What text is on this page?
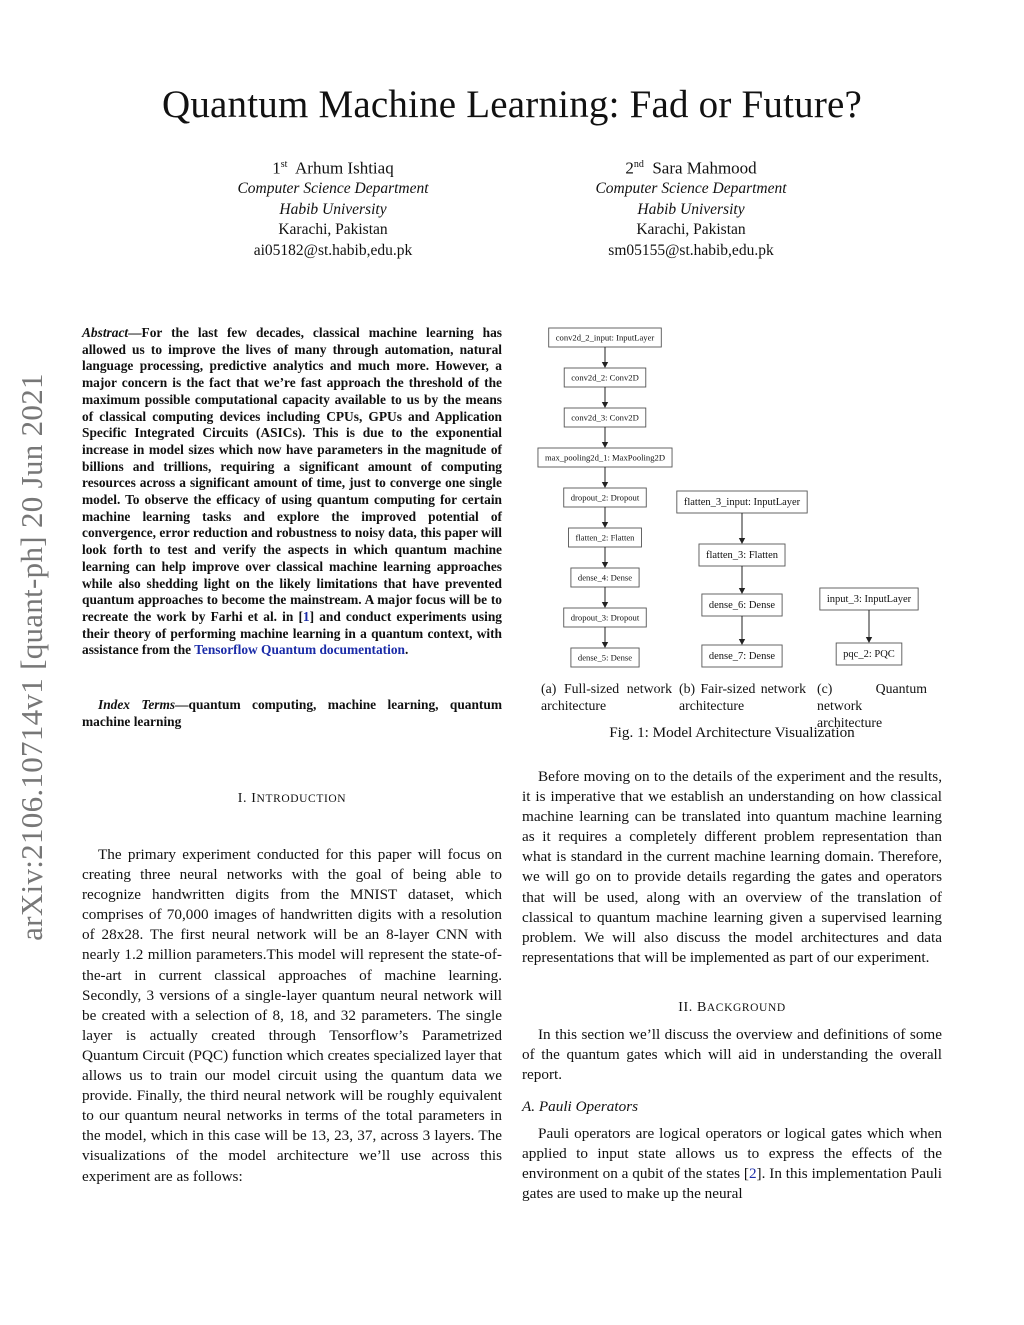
Quantum Machine Learning: Fad or Future?
1st Arhum Ishtiaq
Computer Science Department
Habib University
Karachi, Pakistan
ai05182@st.habib,edu.pk
2nd Sara Mahmood
Computer Science Department
Habib University
Karachi, Pakistan
sm05155@st.habib,edu.pk
arXiv:2106.10714v1 [quant-ph] 20 Jun 2021
Abstract—For the last few decades, classical machine learning has allowed us to improve the lives of many through automation, natural language processing, predictive analytics and much more. However, a major concern is the fact that we’re fast approach the threshold of the maximum possible computational capacity available to us by the means of classical computing devices including CPUs, GPUs and Application Specific Integrated Circuits (ASICs). This is due to the exponential increase in model sizes which now have parameters in the magnitude of billions and trillions, requiring a significant amount of computing resources across a significant amount of time, just to converge one single model. To observe the efficacy of using quantum computing for certain machine learning tasks and explore the improved potential of convergence, error reduction and robustness to noisy data, this paper will look forth to test and verify the aspects in which quantum machine learning can help improve over classical machine learning approaches while also shedding light on the likely limitations that have prevented quantum approaches to become the mainstream. A major focus will be to recreate the work by Farhi et al. in [1] and conduct experiments using their theory of performing machine learning in a quantum context, with assistance from the Tensorflow Quantum documentation.
Index Terms—quantum computing, machine learning, quantum machine learning
I. INTRODUCTION

The primary experiment conducted for this paper will focus on creating three neural networks with the goal of being able to recognize handwritten digits from the MNIST dataset, which comprises of 70,000 images of handwritten digits with a resolution of 28x28. The first neural network will be an 8-layer CNN with nearly 1.2 million parameters.This model will represent the state-of-the-art in current classical approaches of machine learning. Secondly, 3 versions of a single-layer quantum neural network will be created with a selection of 8, 18, and 32 parameters. The single layer is actually created through Tensorflow’s Parametrized Quantum Circuit (PQC) function which creates specialized layer that allows us to train our model circuit using the quantum data we provide. Finally, the third neural network will be roughly equivalent to our quantum neural networks in terms of the total parameters in the model, which in this case will be 13, 23, 37, across 3 layers. The visualizations of the model architecture we’ll use across this experiment are as follows:

conv2d_2_input: InputLayer
conv2d_2: Conv2D
conv2d_3: Conv2D
max_pooling2d_1: MaxPooling2D
dropout_2: Dropout
flatten_2: Flatten
dense_4: Dense
dropout_3: Dropout
dense_5: Dense
flatten_3_input: InputLayer
flatten_3: Flatten
dense_6: Dense
dense_7: Dense
input_3: InputLayer
pqc_2: PQC
(a) Full-sized network architecture
(b) Fair-sized network architecture
(c) Quantum network architecture
Fig. 1: Model Architecture Visualization

Before moving on to the details of the experiment and the results, it is imperative that we establish an understanding on how classical machine learning can be translated into quantum machine learning as it requires a completely different problem representation than what is standard in the current machine learning domain. Therefore, we will go on to provide details regarding the gates and operators that will be used, along with an overview of the translation of classical to quantum machine learning given a supervised learning problem. We will also discuss the model architectures and data representations that will be implemented as part of our experiment.

II. BACKGROUND

In this section we’ll discuss the overview and definitions of some of the quantum gates which will aid in understanding the overall report.

A. Pauli Operators

Pauli operators are logical operators or logical gates which when applied to input state allows us to express the effects of the environment on a qubit of the states [2]. In this implementation Pauli gates are used to make up the neural
